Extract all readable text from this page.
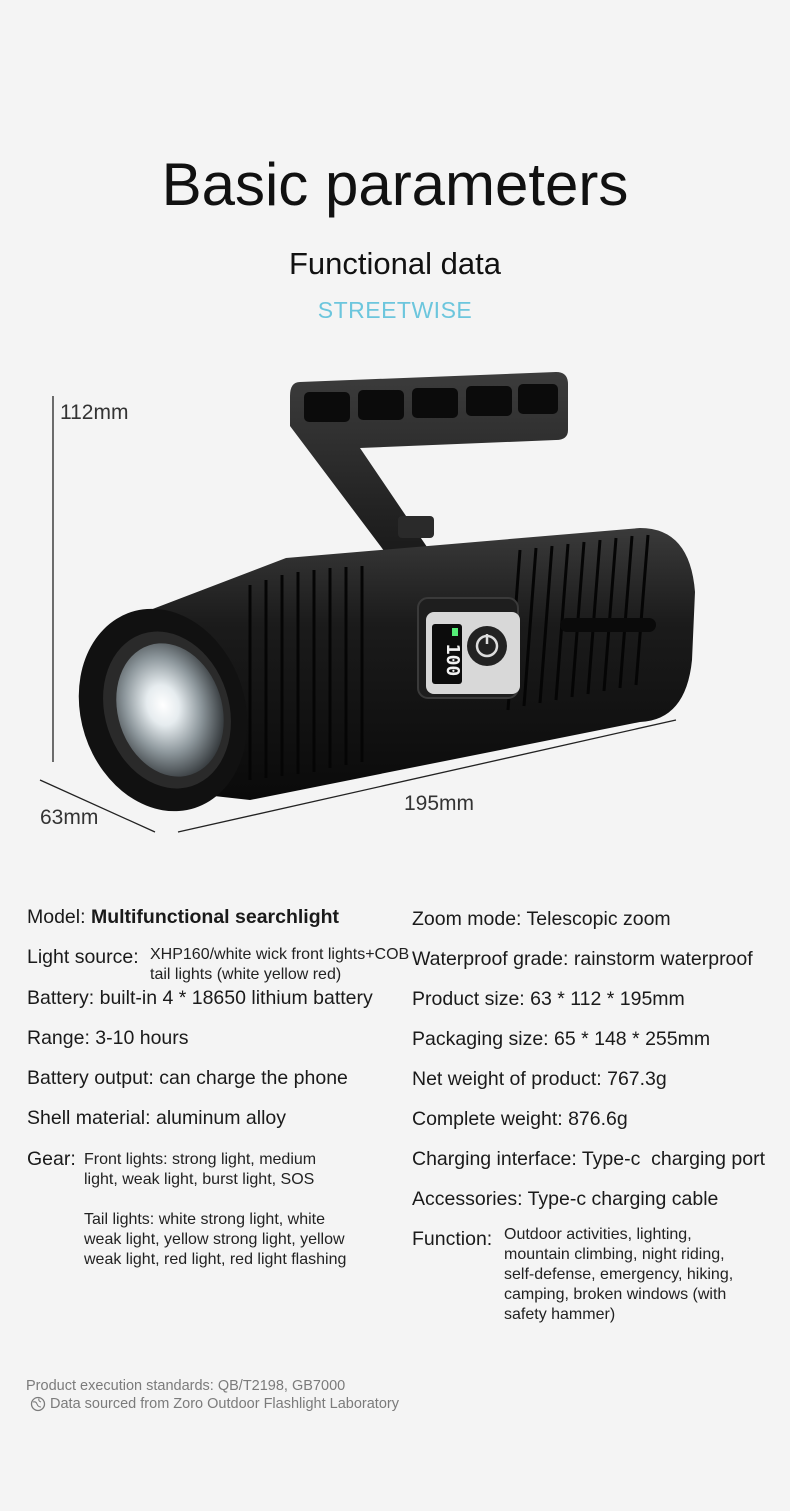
Basic parameters
Functional data
STREETWISE
112mm
195mm
63mm
100
Model: Multifunctional searchlight
Light source: XHP160/white wick front lights+COB
tail lights (white yellow red)
Battery: built-in 4 * 18650 lithium battery
Range: 3-10 hours
Battery output: can charge the phone
Shell material: aluminum alloy
Gear: Front lights: strong light, medium
light, weak light, burst light, SOS
Tail lights: white strong light, white
weak light, yellow strong light, yellow
weak light, red light, red light flashing
Zoom mode: Telescopic zoom
Waterproof grade: rainstorm waterproof
Product size: 63 * 112 * 195mm
Packaging size: 65 * 148 * 255mm
Net weight of product: 767.3g
Complete weight: 876.6g
Charging interface: Type-c  charging port
Accessories: Type-c charging cable
Function: Outdoor activities, lighting,
mountain climbing, night riding,
self-defense, emergency, hiking,
camping, broken windows (with
safety hammer)
Product execution standards: QB/T2198, GB7000
Data sourced from Zoro Outdoor Flashlight Laboratory
